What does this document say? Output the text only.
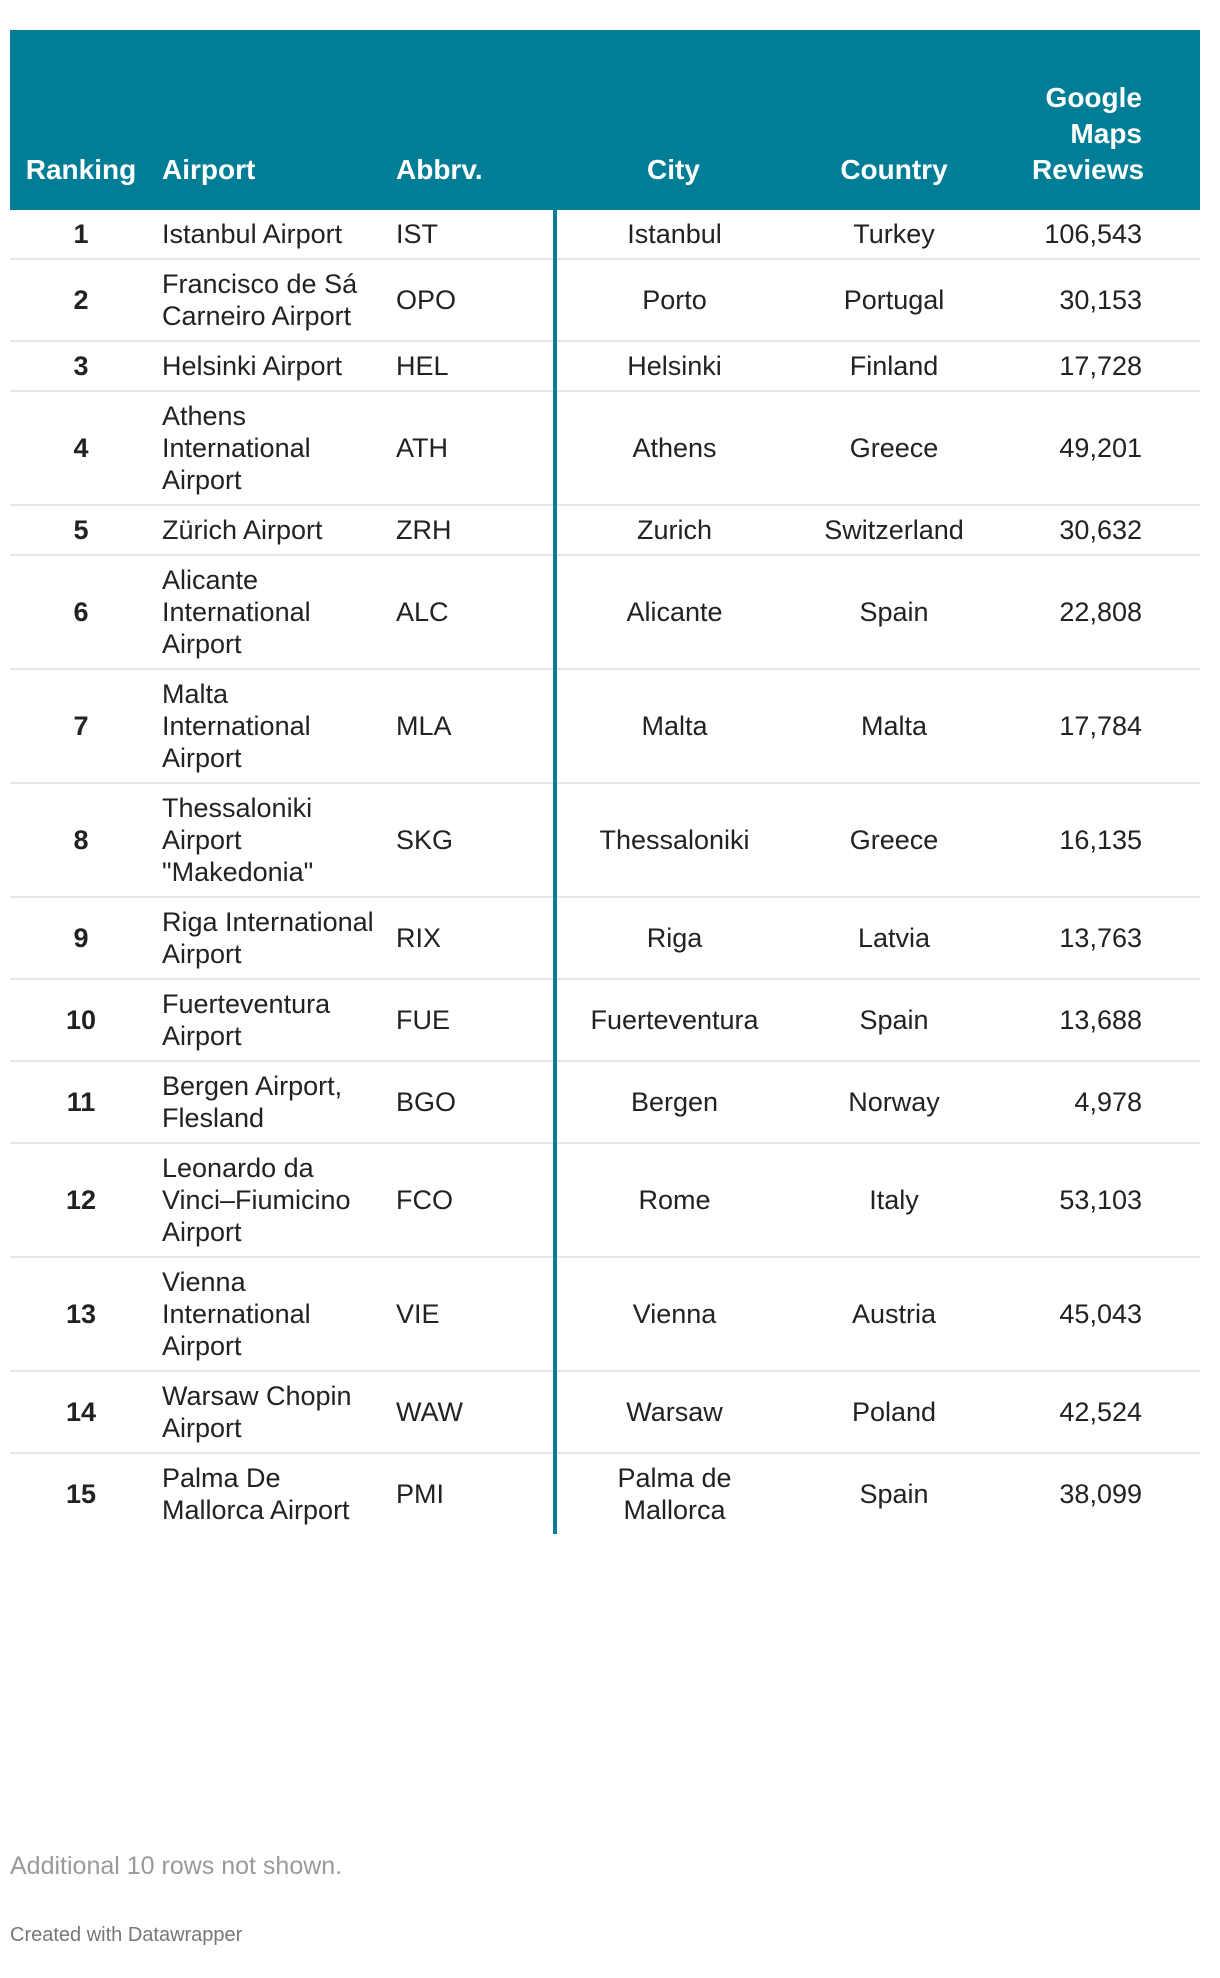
Ranking	Airport	Abbrv.	City	Country	Google Maps Reviews
1	Istanbul Airport	IST	Istanbul	Turkey	106,543
2	Francisco de Sá Carneiro Airport	OPO	Porto	Portugal	30,153
3	Helsinki Airport	HEL	Helsinki	Finland	17,728
4	Athens International Airport	ATH	Athens	Greece	49,201
5	Zürich Airport	ZRH	Zurich	Switzerland	30,632
6	Alicante International Airport	ALC	Alicante	Spain	22,808
7	Malta International Airport	MLA	Malta	Malta	17,784
8	Thessaloniki Airport "Makedonia"	SKG	Thessaloniki	Greece	16,135
9	Riga International Airport	RIX	Riga	Latvia	13,763
10	Fuerteventura Airport	FUE	Fuerteventura	Spain	13,688
11	Bergen Airport, Flesland	BGO	Bergen	Norway	4,978
12	Leonardo da Vinci–Fiumicino Airport	FCO	Rome	Italy	53,103
13	Vienna International Airport	VIE	Vienna	Austria	45,043
14	Warsaw Chopin Airport	WAW	Warsaw	Poland	42,524
15	Palma De Mallorca Airport	PMI	Palma de Mallorca	Spain	38,099
Additional 10 rows not shown.
Created with Datawrapper
